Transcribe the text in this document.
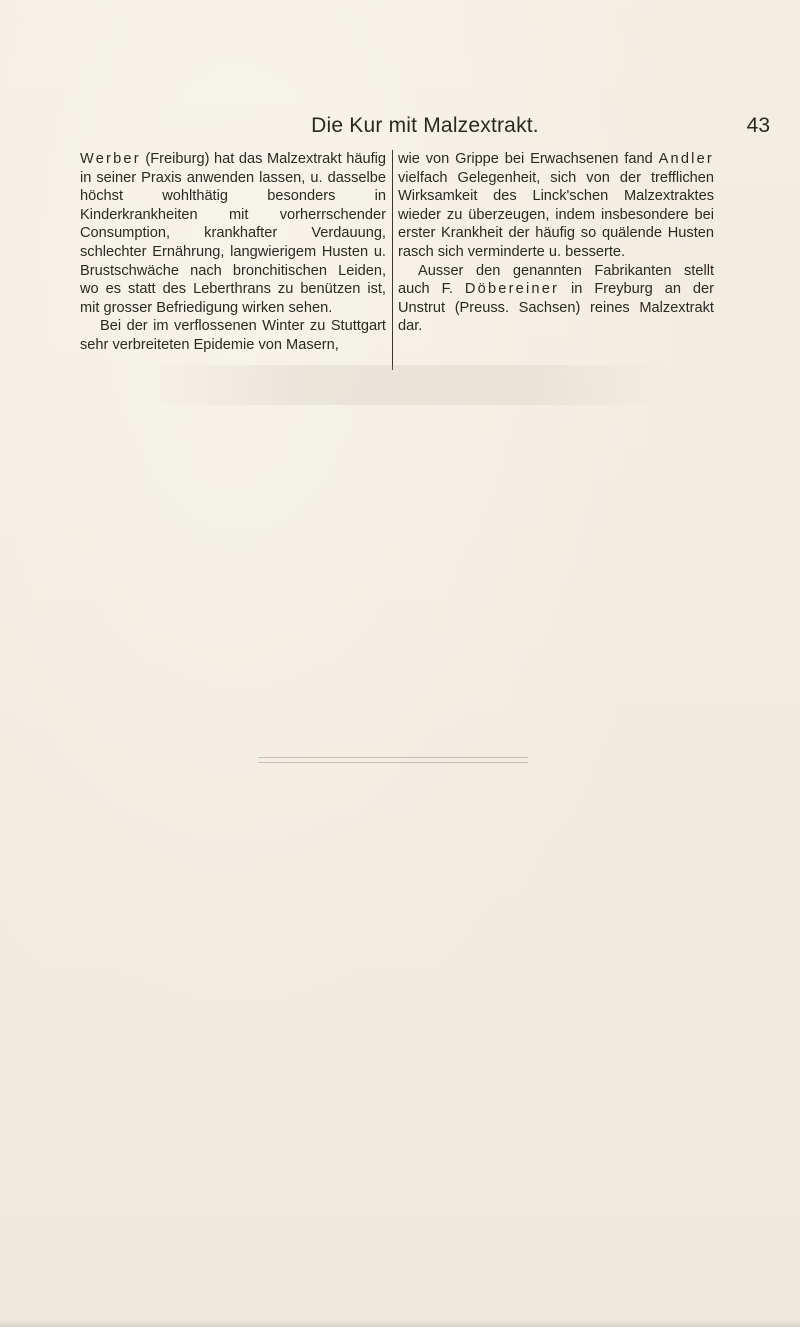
Die Kur mit Malzextrakt.	43

Werber (Freiburg) hat das Malzextrakt häufig in seiner Praxis anwenden lassen, u. dasselbe höchst wohlthätig besonders in Kinderkrankheiten mit vorherrschender Consumption, krankhafter Verdauung, schlechter Ernährung, langwierigem Husten u. Brustschwäche nach bronchitischen Leiden, wo es statt des Leberthrans zu benützen ist, mit grosser Befriedigung wirken sehen.

Bei der im verflossenen Winter zu Stuttgart sehr verbreiteten Epidemie von Masern,

wie von Grippe bei Erwachsenen fand Andler vielfach Gelegenheit, sich von der trefflichen Wirksamkeit des Linck'schen Malzextraktes wieder zu überzeugen, indem insbesondere bei erster Krankheit der häufig so quälende Husten rasch sich verminderte u. besserte.

Ausser den genannten Fabrikanten stellt auch F. Döbereiner in Freyburg an der Unstrut (Preuss. Sachsen) reines Malzextrakt dar.
